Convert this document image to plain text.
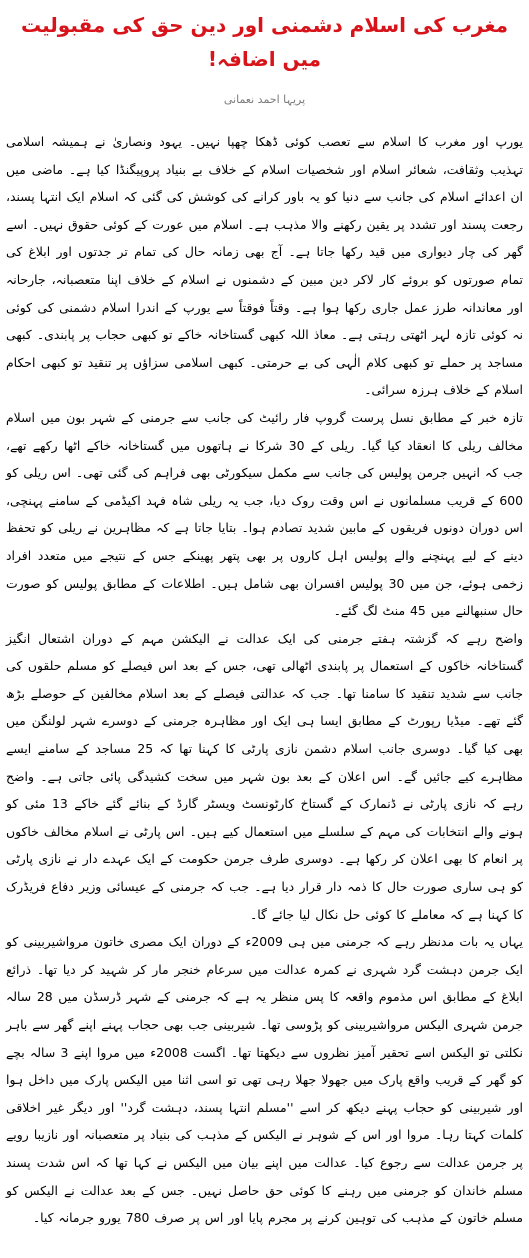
مغرب کی اسلام دشمنی اور دین حق کی مقبولیت میں اضافہ!
پریہا احمد نعمانی

یورپ اور مغرب کا اسلام سے تعصب کوئی ڈھکا چھپا نہیں۔ یہود ونصاریٰ نے ہمیشہ اسلامی تہذیب وثقافت، شعائر اسلام اور شخصیات اسلام کے خلاف بے بنیاد پروپیگنڈا کیا ہے۔ ماضی میں ان اعدائے اسلام کی جانب سے دنیا کو یہ باور کرانے کی کوشش کی گئی کہ اسلام ایک انتہا پسند، رجعت پسند اور تشدد پر یقین رکھنے والا مذہب ہے۔ اسلام میں عورت کے کوئی حقوق نہیں۔ اسے گھر کی چار دیواری میں قید رکھا جاتا ہے۔ آج بھی زمانہ حال کی تمام تر جدتوں اور ابلاغ کی تمام صورتوں کو بروئے کار لاکر دین مبین کے دشمنوں نے اسلام کے خلاف اپنا متعصبانہ، جارحانہ اور معاندانہ طرز عمل جاری رکھا ہوا ہے۔ وقتاً فوقتاً سے یورپ کے اندرا اسلام دشمنی کی کوئی نہ کوئی تازہ لہر اٹھتی رہتی ہے۔ معاذ اللہ کبھی گستاخانہ خاکے تو کبھی حجاب پر پابندی۔ کبھی مساجد پر حملے تو کبھی کلام الٰہی کی بے حرمتی۔ کبھی اسلامی سزاؤں پر تنقید تو کبھی احکام اسلام کے خلاف ہرزہ سرائی۔

تازہ خبر کے مطابق نسل پرست گروپ فار رائیٹ کی جانب سے جرمنی کے شہر بون میں اسلام مخالف ریلی کا انعقاد کیا گیا۔ ریلی کے 30 شرکا نے ہاتھوں میں گستاخانہ خاکے اٹھا رکھے تھے، جب کہ انہیں جرمن پولیس کی جانب سے مکمل سیکورٹی بھی فراہم کی گئی تھی۔ اس ریلی کو 600 کے قریب مسلمانوں نے اس وقت روک دیا، جب یہ ریلی شاہ فہد اکیڈمی کے سامنے پہنچی، اس دوران دونوں فریقوں کے مابین شدید تصادم ہوا۔ بتایا جاتا ہے کہ مظاہرین نے ریلی کو تحفظ دینے کے لیے پہنچنے والے پولیس اہل کاروں پر بھی پتھر پھینکے جس کے نتیجے میں متعدد افراد زخمی ہوئے، جن میں 30 پولیس افسران بھی شامل ہیں۔ اطلاعات کے مطابق پولیس کو صورت حال سنبھالنے میں 45 منٹ لگ گئے۔

واضح رہے کہ گزشتہ ہفتے جرمنی کی ایک عدالت نے الیکشن مہم کے دوران اشتعال انگیز گستاخانہ خاکوں کے استعمال پر پابندی اٹھالی تھی، جس کے بعد اس فیصلے کو مسلم حلقوں کی جانب سے شدید تنقید کا سامنا تھا۔ جب کہ عدالتی فیصلے کے بعد اسلام مخالفین کے حوصلے بڑھ گئے تھے۔ میڈیا رپورٹ کے مطابق ایسا ہی ایک اور مظاہرہ جرمنی کے دوسرے شہر لولنگن میں بھی کیا گیا۔ دوسری جانب اسلام دشمن نازی پارٹی کا کہنا تھا کہ 25 مساجد کے سامنے ایسے مظاہرے کیے جائیں گے۔ اس اعلان کے بعد بون شہر میں سخت کشیدگی پائی جاتی ہے۔ واضح رہے کہ نازی پارٹی نے ڈنمارک کے گستاخ کارٹونسٹ ویسٹر گارڈ کے بنائے گئے خاکے 13 مئی کو ہونے والے انتخابات کی مہم کے سلسلے میں استعمال کیے ہیں۔ اس پارٹی نے اسلام مخالف خاکوں پر انعام کا بھی اعلان کر رکھا ہے۔ دوسری طرف جرمن حکومت کے ایک عہدے دار نے نازی پارٹی کو ہی ساری صورت حال کا ذمہ دار قرار دیا ہے۔ جب کہ جرمنی کے عیسائی وزیر دفاع فریڈرک کا کہنا ہے کہ معاملے کا کوئی حل نکال لیا جائے گا۔

یہاں یہ بات مدنظر رہے کہ جرمنی میں ہی 2009ء کے دوران ایک مصری خاتون مرواشیربینی کو ایک جرمن دہشت گرد شہری نے کمرہ عدالت میں سرعام خنجر مار کر شہید کر دیا تھا۔ ذرائع ابلاغ کے مطابق اس مذموم واقعہ کا پس منظر یہ ہے کہ جرمنی کے شہر ڈرسڈن میں 28 سالہ جرمن شہری الیکس مرواشیربینی کو پڑوسی تھا۔ شیربینی جب بھی حجاب پہنے اپنے گھر سے باہر نکلتی تو الیکس اسے تحقیر آمیز نظروں سے دیکھتا تھا۔ اگست 2008ء میں مروا اپنے 3 سالہ بچے کو گھر کے قریب واقع پارک میں جھولا جھلا رہی تھی تو اسی اثنا میں الیکس پارک میں داخل ہوا اور شیربینی کو حجاب پہنے دیکھ کر اسے ''مسلم انتہا پسند، دہشت گرد'' اور دیگر غیر اخلاقی کلمات کہتا رہا۔ مروا اور اس کے شوہر نے الیکس کے مذہب کی بنیاد پر متعصبانہ اور نازیبا رویے پر جرمن عدالت سے رجوع کیا۔ عدالت میں اپنے بیان میں الیکس نے کہا تھا کہ اس شدت پسند مسلم خاندان کو جرمنی میں رہنے کا کوئی حق حاصل نہیں۔ جس کے بعد عدالت نے الیکس کو مسلم خاتون کے مذہب کی توہین کرنے پر مجرم پایا اور اس پر صرف 780 یورو جرمانہ کیا۔
